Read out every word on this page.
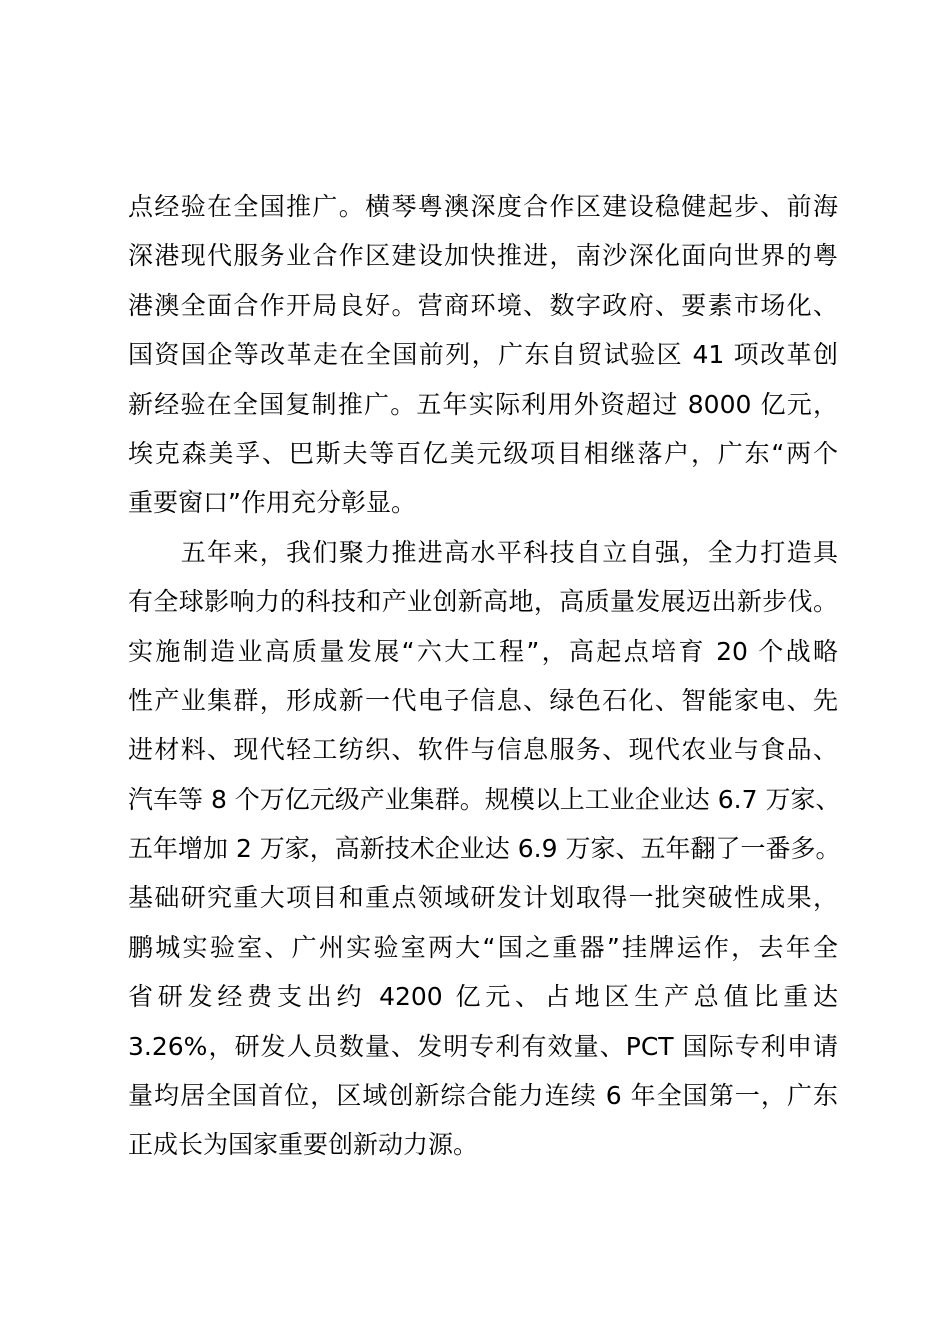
点经验在全国推广。横琴粤澳深度合作区建设稳健起步、前海
深港现代服务业合作区建设加快推进，南沙深化面向世界的粤
港澳全面合作开局良好。营商环境、数字政府、要素市场化、
国资国企等改革走在全国前列，广东自贸试验区 41 项改革创
新经验在全国复制推广。五年实际利用外资超过 8000 亿元，
埃克森美孚、巴斯夫等百亿美元级项目相继落户，广东“两个
重要窗口”作用充分彰显。
　　五年来，我们聚力推进高水平科技自立自强，全力打造具
有全球影响力的科技和产业创新高地，高质量发展迈出新步伐。
实施制造业高质量发展“六大工程”，高起点培育 20 个战略
性产业集群，形成新一代电子信息、绿色石化、智能家电、先
进材料、现代轻工纺织、软件与信息服务、现代农业与食品、
汽车等 8 个万亿元级产业集群。规模以上工业企业达 6.7 万家、
五年增加 2 万家，高新技术企业达 6.9 万家、五年翻了一番多。
基础研究重大项目和重点领域研发计划取得一批突破性成果，
鹏城实验室、广州实验室两大“国之重器”挂牌运作，去年全
省研发经费支出约 4200 亿元、占地区生产总值比重达
3.26%，研发人员数量、发明专利有效量、PCT 国际专利申请
量均居全国首位，区域创新综合能力连续 6 年全国第一，广东
正成长为国家重要创新动力源。
